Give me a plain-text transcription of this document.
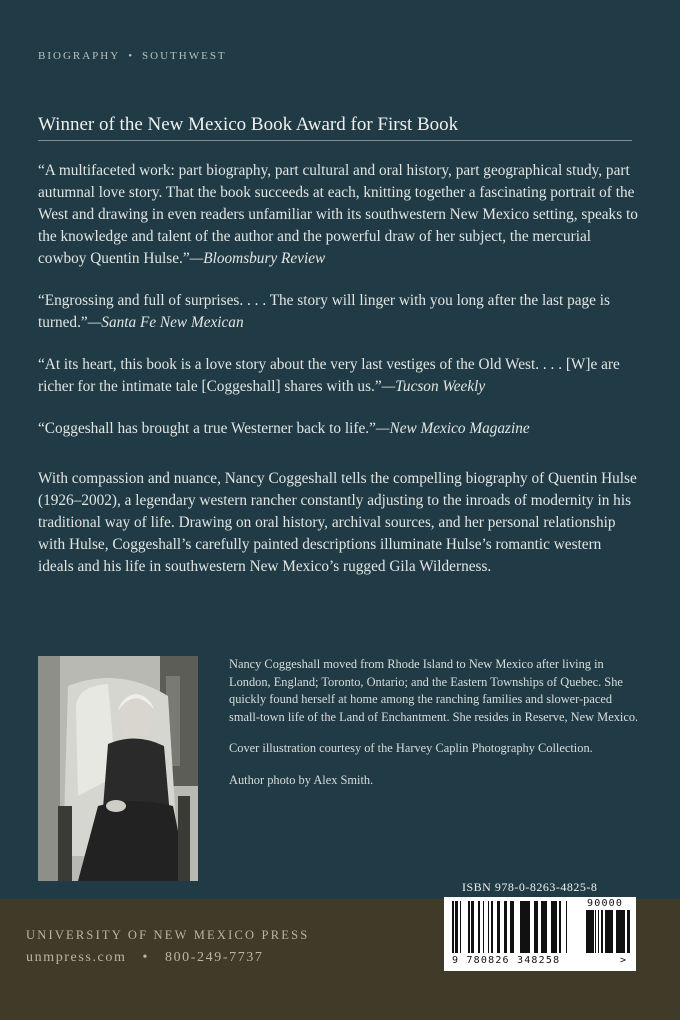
BIOGRAPHY • SOUTHWEST
Winner of the New Mexico Book Award for First Book

“A multifaceted work: part biography, part cultural and oral history, part geographical study, part autumnal love story. That the book succeeds at each, knitting together a fascinating portrait of the West and drawing in even readers unfamiliar with its southwestern New Mexico setting, speaks to the knowledge and talent of the author and the powerful draw of her subject, the mercurial cowboy Quentin Hulse.”—Bloomsbury Review

“Engrossing and full of surprises. . . . The story will linger with you long after the last page is turned.”—Santa Fe New Mexican

“At its heart, this book is a love story about the very last vestiges of the Old West. . . . [W]e are richer for the intimate tale [Coggeshall] shares with us.”—Tucson Weekly

“Coggeshall has brought a true Westerner back to life.”—New Mexico Magazine

With compassion and nuance, Nancy Coggeshall tells the compelling biography of Quentin Hulse (1926–2002), a legendary western rancher constantly adjusting to the inroads of modernity in his traditional way of life. Drawing on oral history, archival sources, and her personal relationship with Hulse, Coggeshall’s carefully painted descriptions illuminate Hulse’s romantic western ideals and his life in southwestern New Mexico’s rugged Gila Wilderness.

Nancy Coggeshall moved from Rhode Island to New Mexico after living in London, England; Toronto, Ontario; and the Eastern Townships of Quebec. She quickly found herself at home among the ranching families and slower-paced small-town life of the Land of Enchantment. She resides in Reserve, New Mexico.

Cover illustration courtesy of the Harvey Caplin Photography Collection.

Author photo by Alex Smith.

ISBN 978-0-8263-4825-8
UNIVERSITY OF NEW MEXICO PRESS
unmpress.com • 800-249-7737	9 780826 348258
90000
>
